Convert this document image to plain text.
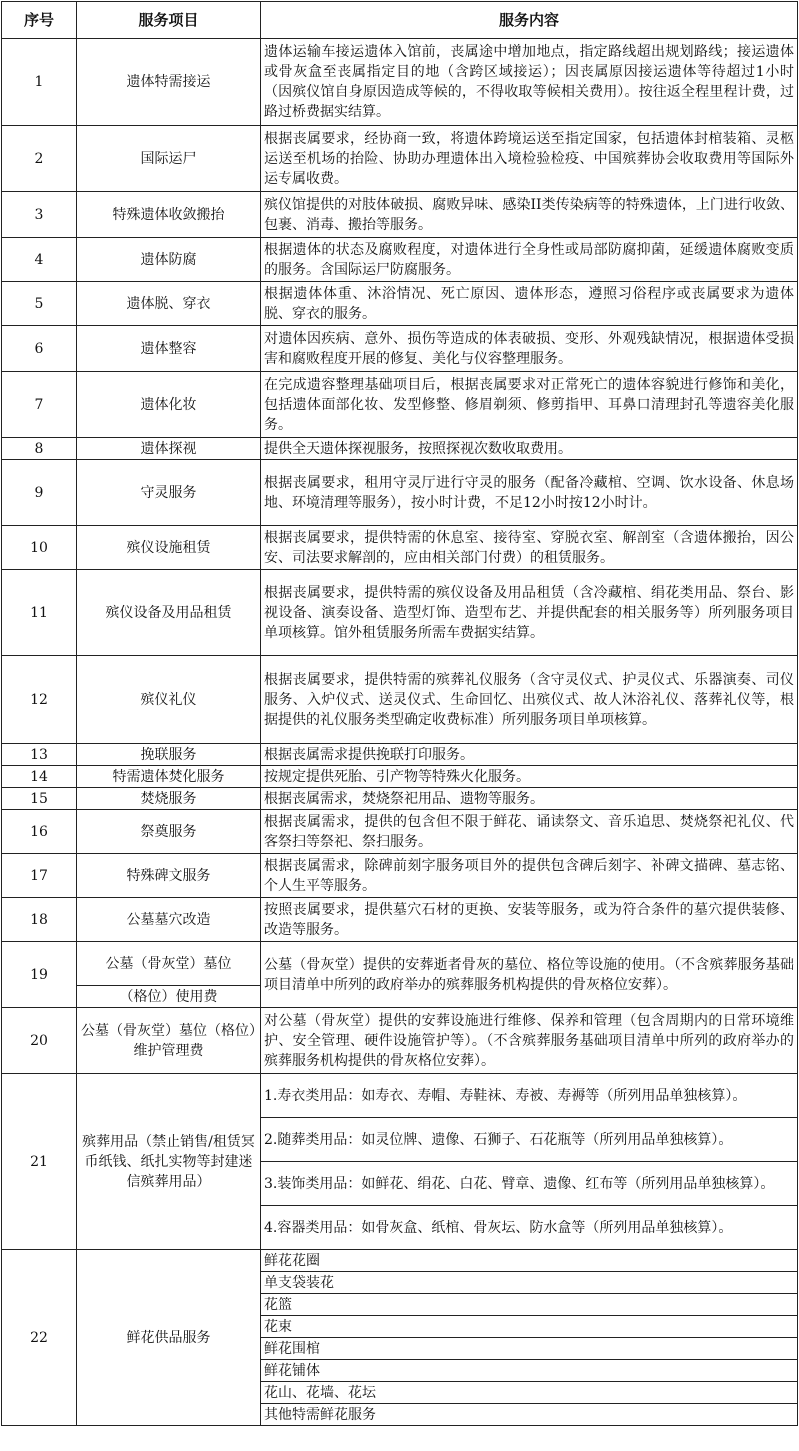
序号	服务项目	服务内容
1	遗体特需接运	遗体运输车接运遗体入馆前，丧属途中增加地点，指定路线超出规划路线；接运遗体或骨灰盒至丧属指定目的地（含跨区域接运）；因丧属原因接运遗体等待超过1小时（因殡仪馆自身原因造成等候的，不得收取等候相关费用）。按往返全程里程计费，过路过桥费据实结算。
2	国际运尸	根据丧属要求，经协商一致，将遗体跨境运送至指定国家，包括遗体封棺装箱、灵柩运送至机场的抬险、协助办理遗体出入境检验检疫、中国殡葬协会收取费用等国际外运专属收费。
3	特殊遗体收敛搬抬	殡仪馆提供的对肢体破损、腐败异味、感染II类传染病等的特殊遗体，上门进行收敛、包裹、消毒、搬抬等服务。
4	遗体防腐	根据遗体的状态及腐败程度，对遗体进行全身性或局部防腐抑菌，延缓遗体腐败变质的服务。含国际运尸防腐服务。
5	遗体脱、穿衣	根据遗体体重、沐浴情况、死亡原因、遗体形态，遵照习俗程序或丧属要求为遗体脱、穿衣的服务。
6	遗体整容	对遗体因疾病、意外、损伤等造成的体表破损、变形、外观残缺情况，根据遗体受损害和腐败程度开展的修复、美化与仪容整理服务。
7	遗体化妆	在完成遗容整理基础项目后，根据丧属要求对正常死亡的遗体容貌进行修饰和美化，包括遗体面部化妆、发型修整、修眉剃须、修剪指甲、耳鼻口清理封孔等遗容美化服务。
8	遗体探视	提供全天遗体探视服务，按照探视次数收取费用。
9	守灵服务	根据丧属要求，租用守灵厅进行守灵的服务（配备冷藏棺、空调、饮水设备、休息场地、环境清理等服务），按小时计费，不足12小时按12小时计。
10	殡仪设施租赁	根据丧属要求，提供特需的休息室、接待室、穿脱衣室、解剖室（含遗体搬抬，因公安、司法要求解剖的，应由相关部门付费）的租赁服务。
11	殡仪设备及用品租赁	根据丧属要求，提供特需的殡仪设备及用品租赁（含冷藏棺、绢花类用品、祭台、影视设备、演奏设备、造型灯饰、造型布艺、并提供配套的相关服务等）所列服务项目单项核算。馆外租赁服务所需车费据实结算。
12	殡仪礼仪	根据丧属要求，提供特需的殡葬礼仪服务（含守灵仪式、护灵仪式、乐器演奏、司仪服务、入炉仪式、送灵仪式、生命回忆、出殡仪式、故人沐浴礼仪、落葬礼仪等，根据提供的礼仪服务类型确定收费标准）所列服务项目单项核算。
13	挽联服务	根据丧属需求提供挽联打印服务。
14	特需遗体焚化服务	按规定提供死胎、引产物等特殊火化服务。
15	焚烧服务	根据丧属需求，焚烧祭祀用品、遗物等服务。
16	祭奠服务	根据丧属需求，提供的包含但不限于鲜花、诵读祭文、音乐追思、焚烧祭祀礼仪、代客祭扫等祭祀、祭扫服务。
17	特殊碑文服务	根据丧属需求，除碑前刻字服务项目外的提供包含碑后刻字、补碑文描碑、墓志铭、个人生平等服务。
18	公墓墓穴改造	按照丧属要求，提供墓穴石材的更换、安装等服务，或为符合条件的墓穴提供装修、改造等服务。
19	公墓（骨灰堂）墓位	公墓（骨灰堂）提供的安葬逝者骨灰的墓位、格位等设施的使用。（不含殡葬服务基础项目清单中所列的政府举办的殡葬服务机构提供的骨灰格位安葬）。
	（格位）使用费	
20	公墓（骨灰堂）墓位（格位）维护管理费	对公墓（骨灰堂）提供的安葬设施进行维修、保养和管理（包含周期内的日常环境维护、安全管理、硬件设施管护等）。（不含殡葬服务基础项目清单中所列的政府举办的殡葬服务机构提供的骨灰格位安葬）。
21	殡葬用品（禁止销售/租赁冥币纸钱、纸扎实物等封建迷信殡葬用品）	1.寿衣类用品：如寿衣、寿帽、寿鞋袜、寿被、寿褥等（所列用品单独核算）。
		2.随葬类用品：如灵位牌、遗像、石狮子、石花瓶等（所列用品单独核算）。
		3.装饰类用品：如鲜花、绢花、白花、臂章、遗像、红布等（所列用品单独核算）。
		4.容器类用品：如骨灰盒、纸棺、骨灰坛、防水盒等（所列用品单独核算）。
22	鲜花供品服务	鲜花花圈
		单支袋装花
		花篮
		花束
		鲜花围棺
		鲜花铺体
		花山、花墙、花坛
		其他特需鲜花服务
